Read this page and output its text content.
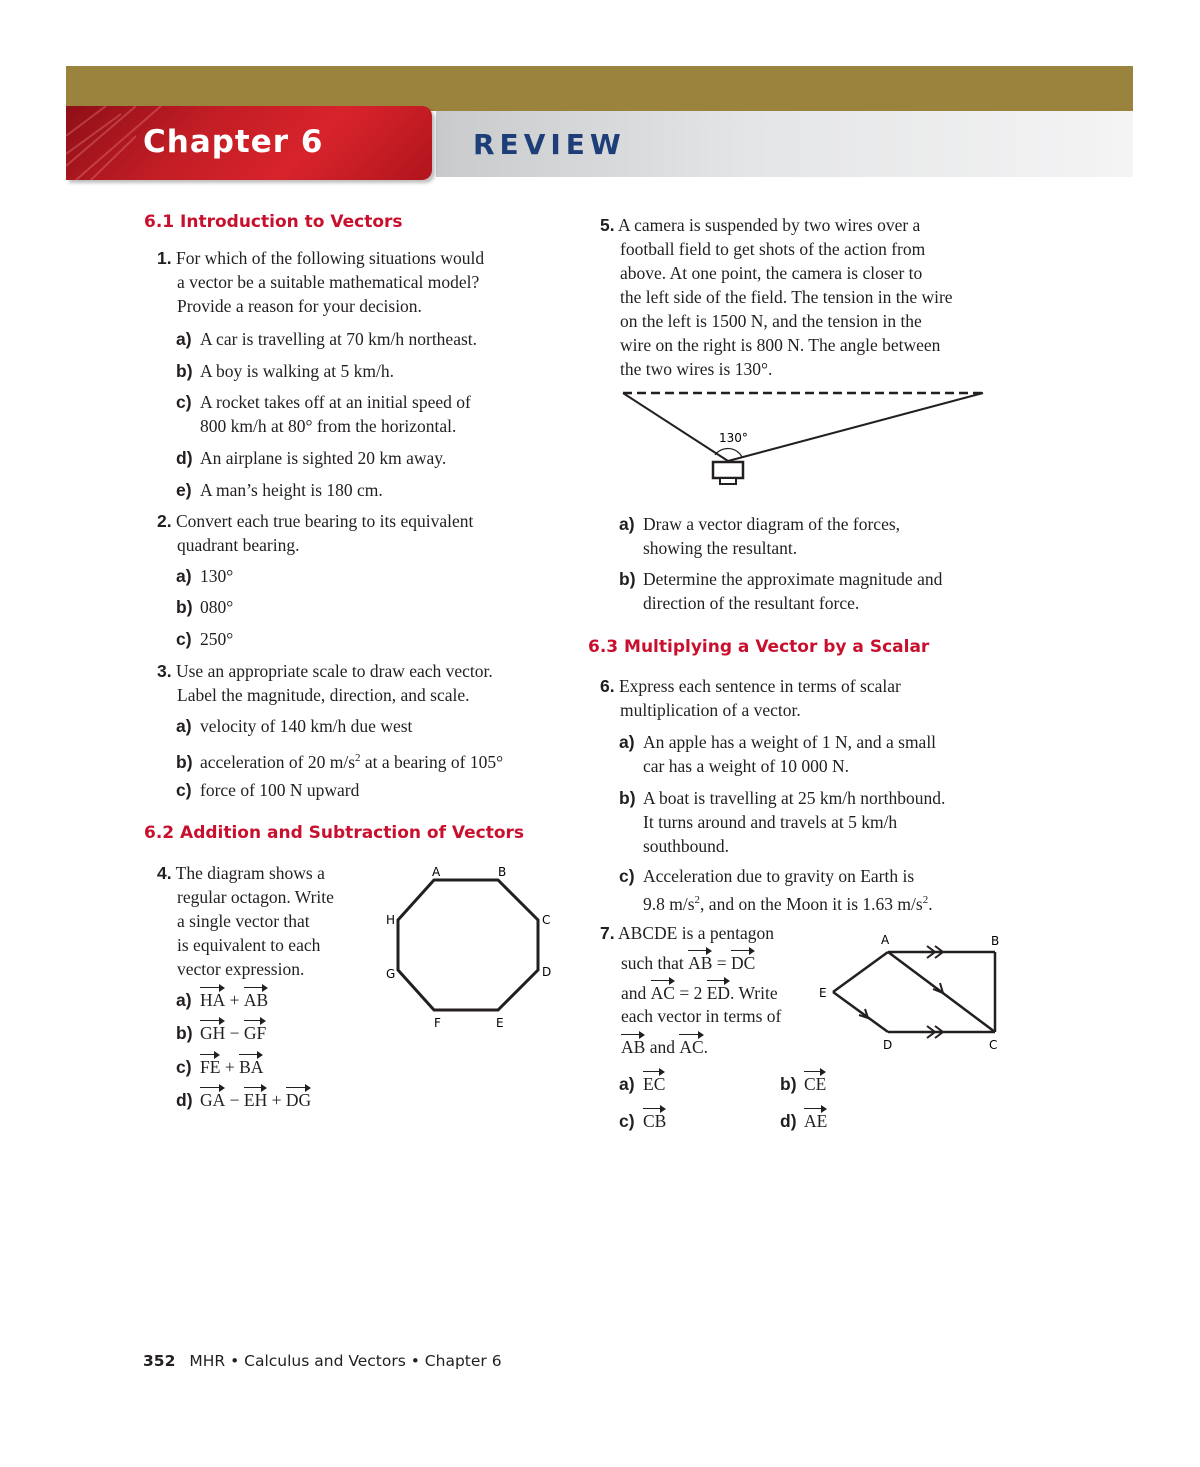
Chapter 6	REVIEW
6.1 Introduction to Vectors
1. For which of the following situations would
a vector be a suitable mathematical model?
Provide a reason for your decision.
a) A car is travelling at 70 km/h northeast.
b) A boy is walking at 5 km/h.
c) A rocket takes off at an initial speed of
800 km/h at 80° from the horizontal.
d) An airplane is sighted 20 km away.
e) A man’s height is 180 cm.
2. Convert each true bearing to its equivalent
quadrant bearing.
a) 130°
b) 080°
c) 250°
3. Use an appropriate scale to draw each vector.
Label the magnitude, direction, and scale.
a) velocity of 140 km/h due west
b) acceleration of 20 $m/s^2$ at a bearing of 105°
c) force of 100 N upward
6.2 Addition and Subtraction of Vectors
4. The diagram shows a
regular octagon. Write
a single vector that
is equivalent to each
vector expression.
a) HA + AB
b) GH − GF
c) FE + BA
d) GA − EH + DG
A	B
C
D
E
F
G
H
5. A camera is suspended by two wires over a
football field to get shots of the action from
above. At one point, the camera is closer to
the left side of the field. The tension in the wire
on the left is 1500 N, and the tension in the
wire on the right is 800 N. The angle between
the two wires is 130°.
130°
a) Draw a vector diagram of the forces,
showing the resultant.
b) Determine the approximate magnitude and
direction of the resultant force.
6.3 Multiplying a Vector by a Scalar
6. Express each sentence in terms of scalar
multiplication of a vector.
a) An apple has a weight of 1 N, and a small
car has a weight of 10 000 N.
b) A boat is travelling at 25 km/h northbound.
It turns around and travels at 5 km/h
southbound.
c) Acceleration due to gravity on Earth is
9.8 $m/s^2$, and on the Moon it is 1.63 $m/s^2$.
7. ABCDE is a pentagon
such that AB = DC
and AC = 2 ED. Write
each vector in terms of
AB and AC.
a) EC	b) CE
c) CB	d) AE
A	B
C
D
E
352 MHR • Calculus and Vectors • Chapter 6
